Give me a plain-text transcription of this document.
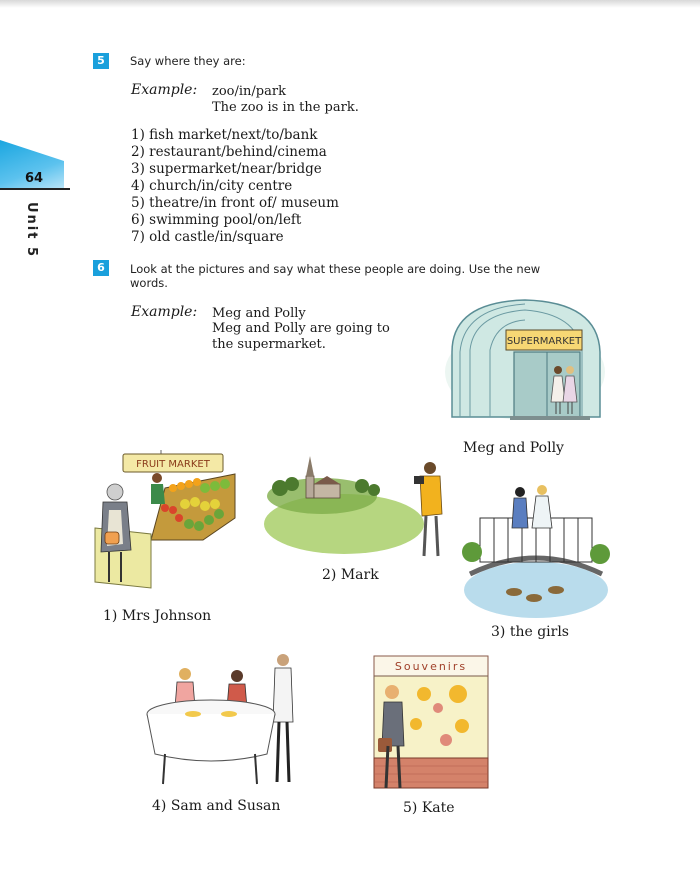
64
Unit 5
5	Say where they are:
Example: zoo/in/park
The zoo is in the park.
1) fish market/next/to/bank
2) restaurant/behind/cinema
3) supermarket/near/bridge
4) church/in/city centre
5) theatre/in front of/ museum
6) swimming pool/on/left
7) old castle/in/square
6	Look at the pictures and say what these people are doing. Use the new
words.
Example: Meg and Polly
Meg and Polly are going to
the supermarket.	SUPERMARKET
Meg and Polly
FRUIT MARKET
1) Mrs Johnson
2) Mark
3) the girls
4) Sam and Susan
Souvenirs
5) Kate
